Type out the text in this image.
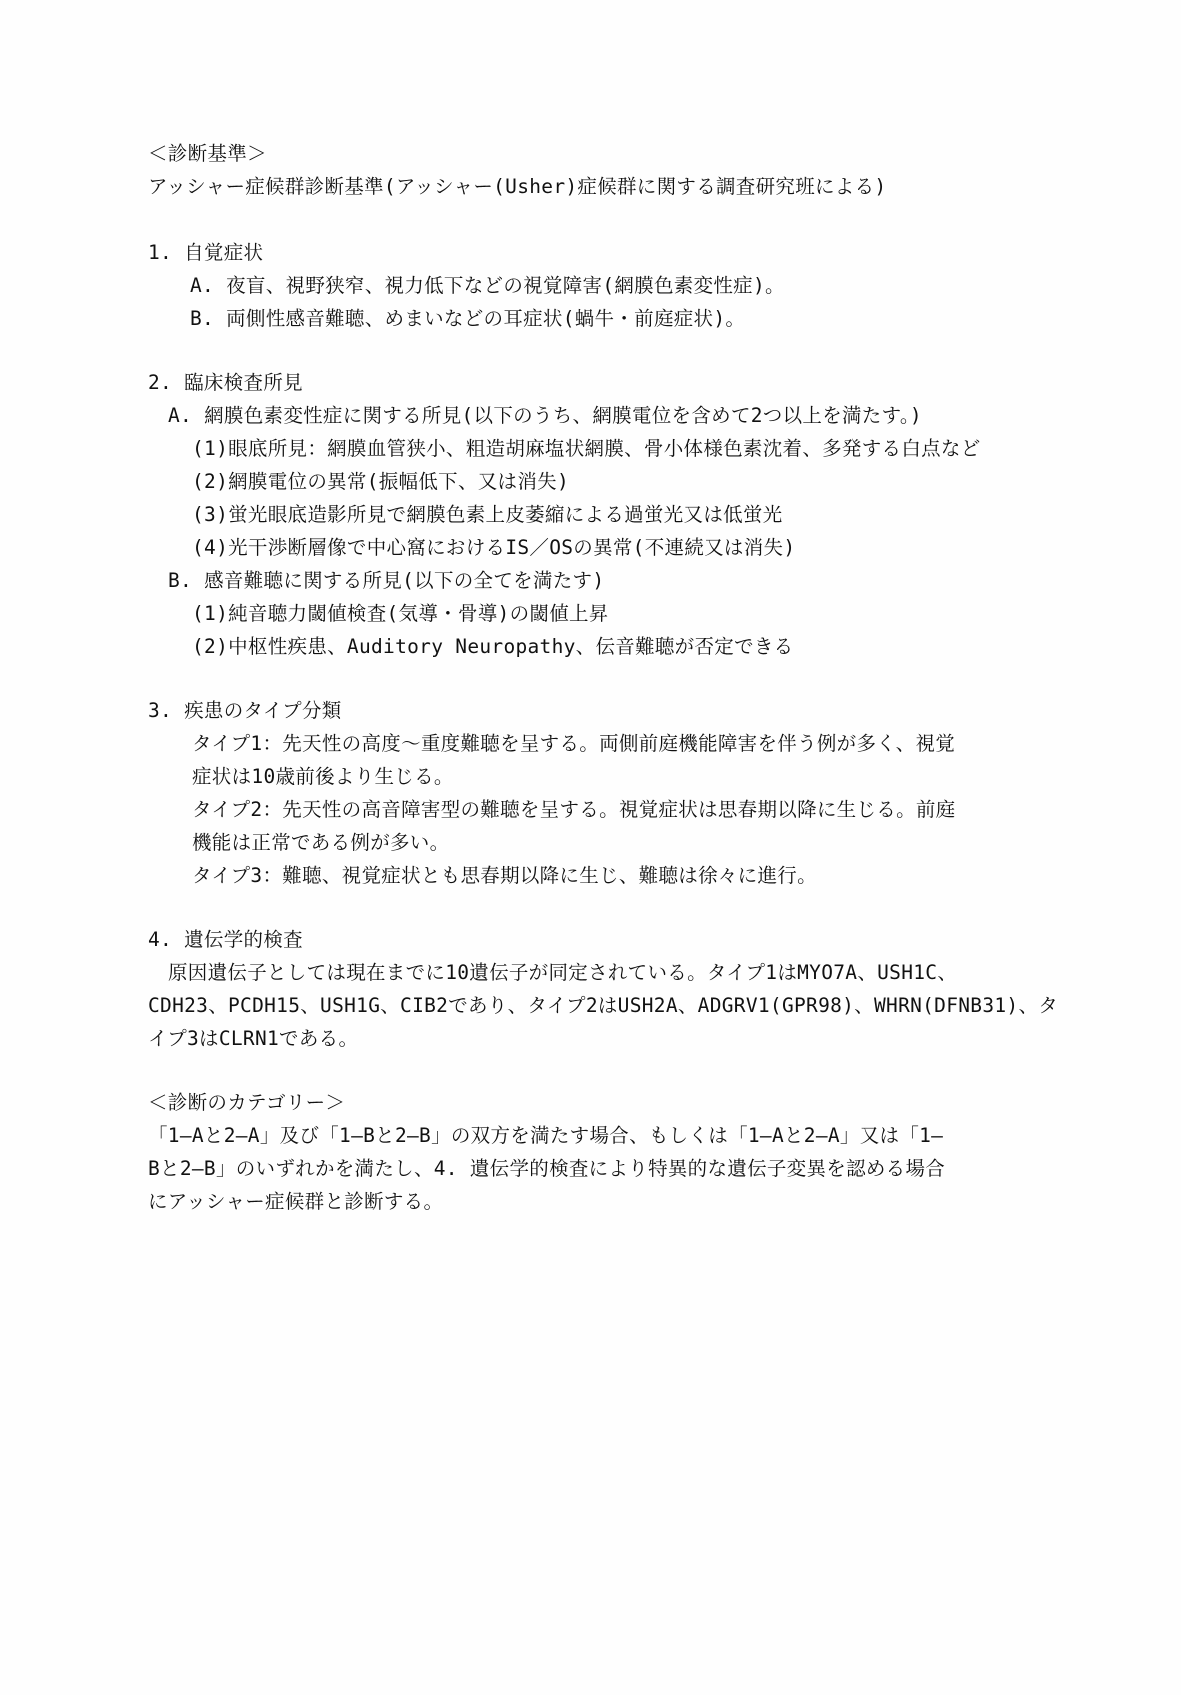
＜診断基準＞
アッシャー症候群診断基準(アッシャー(Usher)症候群に関する調査研究班による)
1. 自覚症状
A. 夜盲、視野狭窄、視力低下などの視覚障害(網膜色素変性症)。
B. 両側性感音難聴、めまいなどの耳症状(蝸牛・前庭症状)。
2. 臨床検査所見
A. 網膜色素変性症に関する所見(以下のうち、網膜電位を含めて2つ以上を満たす。)
(1)眼底所見：網膜血管狭小、粗造胡麻塩状網膜、骨小体様色素沈着、多発する白点など
(2)網膜電位の異常(振幅低下、又は消失)
(3)蛍光眼底造影所見で網膜色素上皮萎縮による過蛍光又は低蛍光
(4)光干渉断層像で中心窩におけるIS／OSの異常(不連続又は消失)
B. 感音難聴に関する所見(以下の全てを満たす)
(1)純音聴力閾値検査(気導・骨導)の閾値上昇
(2)中枢性疾患、Auditory Neuropathy、伝音難聴が否定できる
3. 疾患のタイプ分類
タイプ1：先天性の高度～重度難聴を呈する。両側前庭機能障害を伴う例が多く、視覚
症状は10歳前後より生じる。
タイプ2：先天性の高音障害型の難聴を呈する。視覚症状は思春期以降に生じる。前庭
機能は正常である例が多い。
タイプ3：難聴、視覚症状とも思春期以降に生じ、難聴は徐々に進行。
4. 遺伝学的検査
原因遺伝子としては現在までに10遺伝子が同定されている。タイプ1はMYO7A、USH1C、
CDH23、PCDH15、USH1G、CIB2であり、タイプ2はUSH2A、ADGRV1(GPR98)、WHRN(DFNB31)、タ
イプ3はCLRN1である。
＜診断のカテゴリー＞
「1―Aと2―A」及び「1―Bと2―B」の双方を満たす場合、もしくは「1―Aと2―A」又は「1―
Bと2―B」のいずれかを満たし、4. 遺伝学的検査により特異的な遺伝子変異を認める場合
にアッシャー症候群と診断する。
